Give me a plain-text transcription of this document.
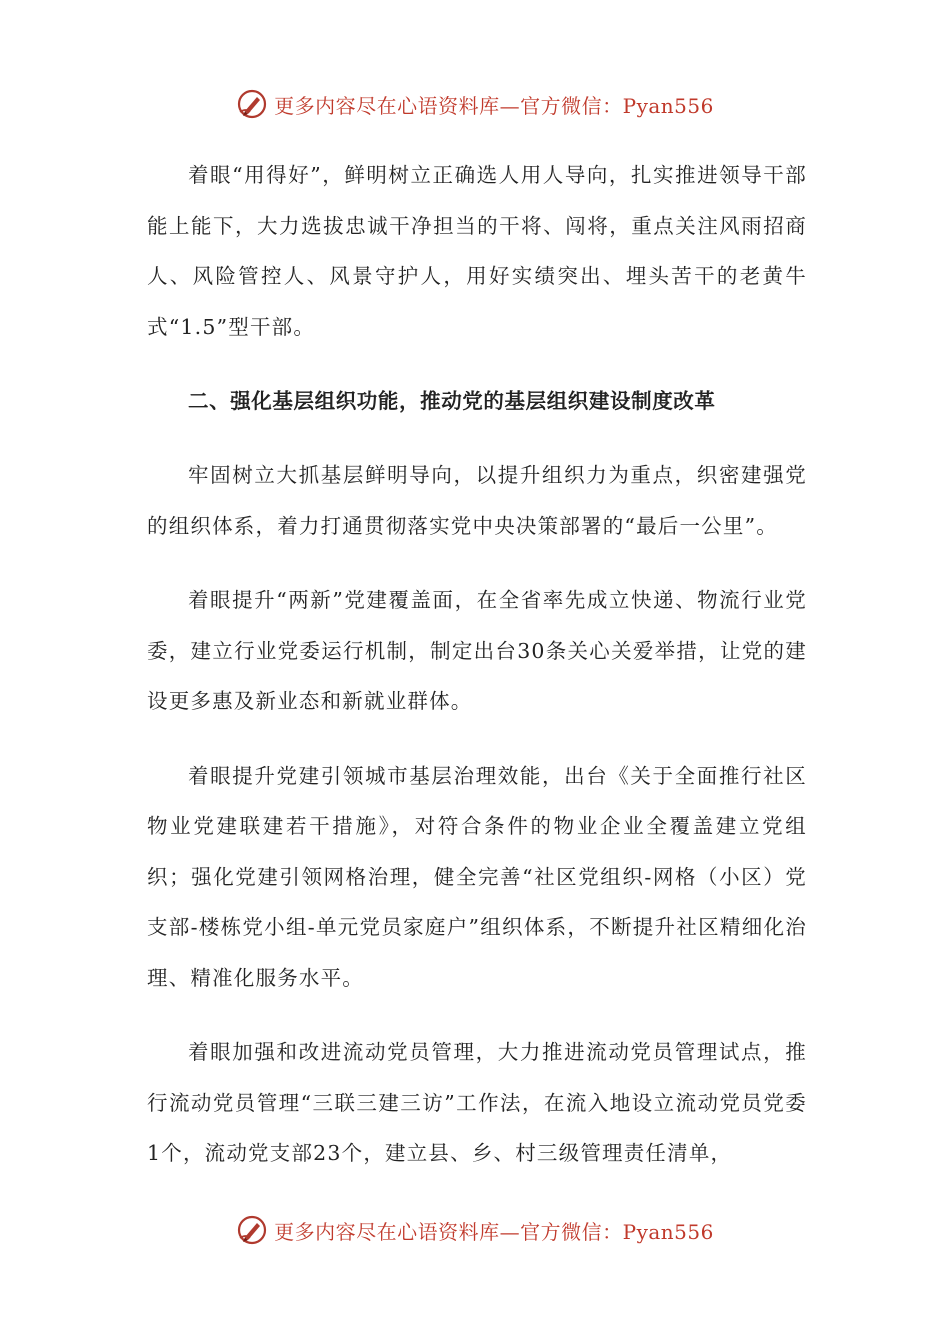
更多内容尽在心语资料库—官方微信：Pyan556

着眼“用得好”，鲜明树立正确选人用人导向，扎实推进领导干部能上能下，大力选拔忠诚干净担当的干将、闯将，重点关注风雨招商人、风险管控人、风景守护人，用好实绩突出、埋头苦干的老黄牛式“1.5”型干部。

二、强化基层组织功能，推动党的基层组织建设制度改革

牢固树立大抓基层鲜明导向，以提升组织力为重点，织密建强党的组织体系，着力打通贯彻落实党中央决策部署的“最后一公里”。

着眼提升“两新”党建覆盖面，在全省率先成立快递、物流行业党委，建立行业党委运行机制，制定出台30条关心关爱举措，让党的建设更多惠及新业态和新就业群体。

着眼提升党建引领城市基层治理效能，出台《关于全面推行社区物业党建联建若干措施》，对符合条件的物业企业全覆盖建立党组织；强化党建引领网格治理，健全完善“社区党组织-网格（小区）党支部-楼栋党小组-单元党员家庭户”组织体系，不断提升社区精细化治理、精准化服务水平。

着眼加强和改进流动党员管理，大力推进流动党员管理试点，推行流动党员管理“三联三建三访”工作法，在流入地设立流动党员党委1个，流动党支部23个，建立县、乡、村三级管理责任清单，

更多内容尽在心语资料库—官方微信：Pyan556
